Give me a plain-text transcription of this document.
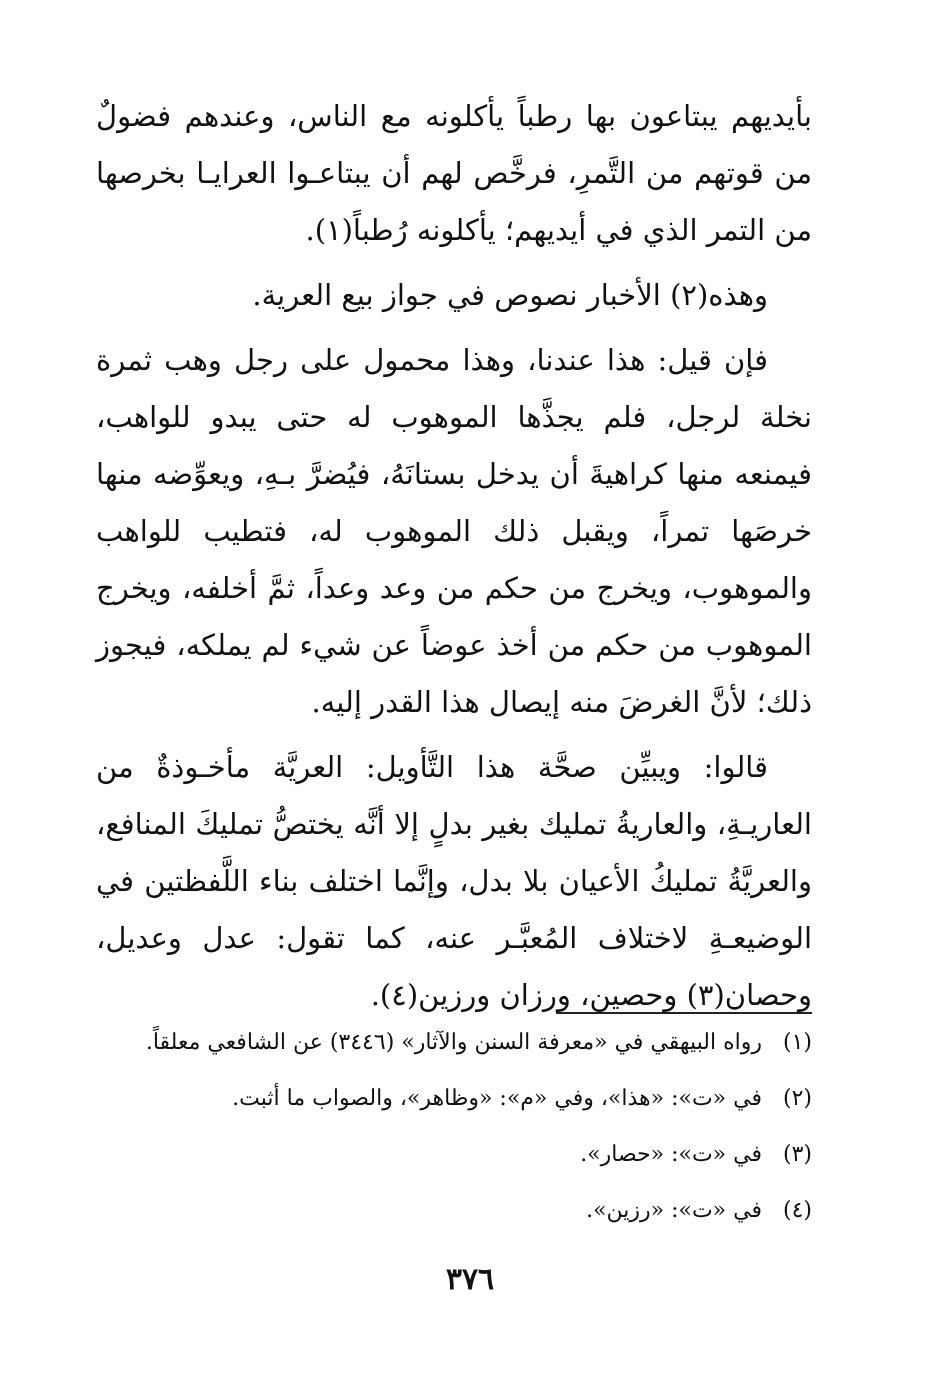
بأيديهم يبتاعون بها رطباً يأكلونه مع الناس، وعندهم فضولٌ من قوتهم من التَّمرِ، فرخَّص لهم أن يبتاعـوا العرايـا بخرصها من التمر الذي في أيديهم؛ يأكلونه رُطباً(١).

وهذه(٢) الأخبار نصوص في جواز بيع العرية.

فإن قيل: هذا عندنا، وهذا محمول على رجل وهب ثمرة نخلة لرجل، فلم يجذَّها الموهوب له حتى يبدو للواهب، فيمنعه منها كراهيةَ أن يدخل بستانَهُ، فيُضرَّ بـهِ، ويعوِّضه منها خرصَها تمراً، ويقبل ذلك الموهوب له، فتطيب للواهب والموهوب، ويخرج من حكم من وعد وعداً، ثمَّ أخلفه، ويخرج الموهوب من حكم من أخذ عوضاً عن شيء لم يملكه، فيجوز ذلك؛ لأنَّ الغرضَ منه إيصال هذا القدر إليه.

قالوا: ويبيِّن صحَّة هذا التَّأويل: العريَّة مأخـوذةٌ من العاريـةِ، والعاريةُ تمليك بغير بدلٍ إلا أنَّه يختصُّ تمليكَ المنافع، والعريَّةُ تمليكُ الأعيان بلا بدل، وإنَّما اختلف بناء اللَّفظتين في الوضيعـةِ لاختلاف المُعبَّـر عنه، كما تقول: عدل وعديل، وحصان(٣) وحصين، ورزان ورزين(٤).

(١)
رواه البيهقي في «معرفة السنن والآثار» (٣٤٤٦) عن الشافعي معلقاً.
(٢)
في «ت»: «هذا»، وفي «م»: «وظاهر»، والصواب ما أثبت.
(٣)
في «ت»: «حصار».
(٤)
في «ت»: «رزين».
٣٧٦
